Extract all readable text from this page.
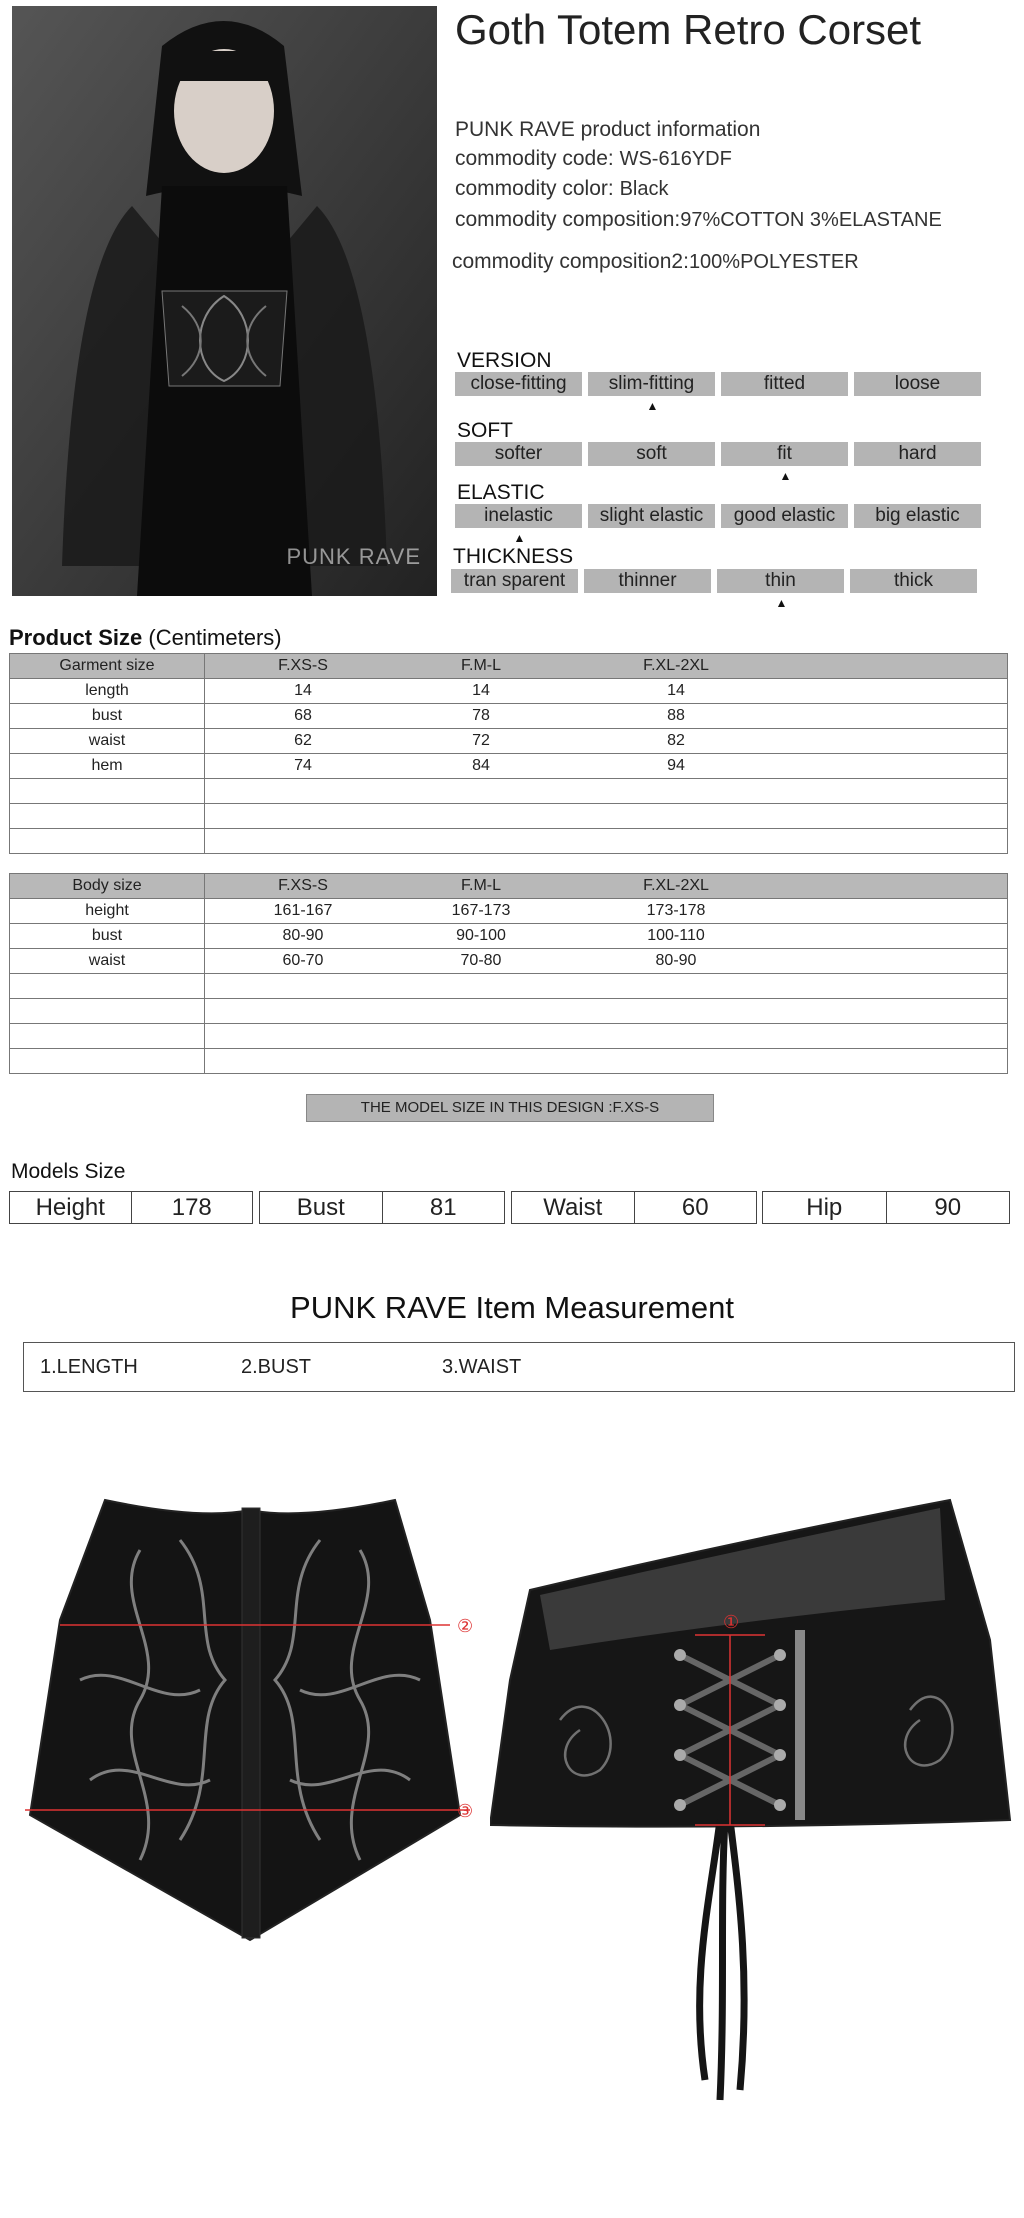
PUNK RAVE
Goth Totem Retro Corset
PUNK RAVE product information
commodity code: WS-616YDF
commodity color: Black
commodity composition:97%COTTON 3%ELASTANE
commodity composition2:100%POLYESTER
VERSION
close-fitting	slim-fitting	fitted	loose
▲
SOFT
softer	soft	fit	hard
▲
ELASTIC
inelastic	slight elastic	good elastic	big elastic
▲
THICKNESS
tran sparent	thinner	thin	thick
▲
Product Size (Centimeters)
Garment size	F.XS-S F.M-L F.XL-2XL
length	14 14 14
bust	68 78 88
waist	62 72 82
hem	74 84 94

Body size	F.XS-S F.M-L F.XL-2XL
height	161-167 167-173 173-178
bust	80-90 90-100 100-110
waist	60-70 70-80 80-90

THE MODEL SIZE IN THIS DESIGN :F.XS-S
Models Size
Height	178	Bust	81	Waist	60	Hip	90
PUNK RAVE Item Measurement
1.LENGTH	2.BUST	3.WAIST
②
③
①
